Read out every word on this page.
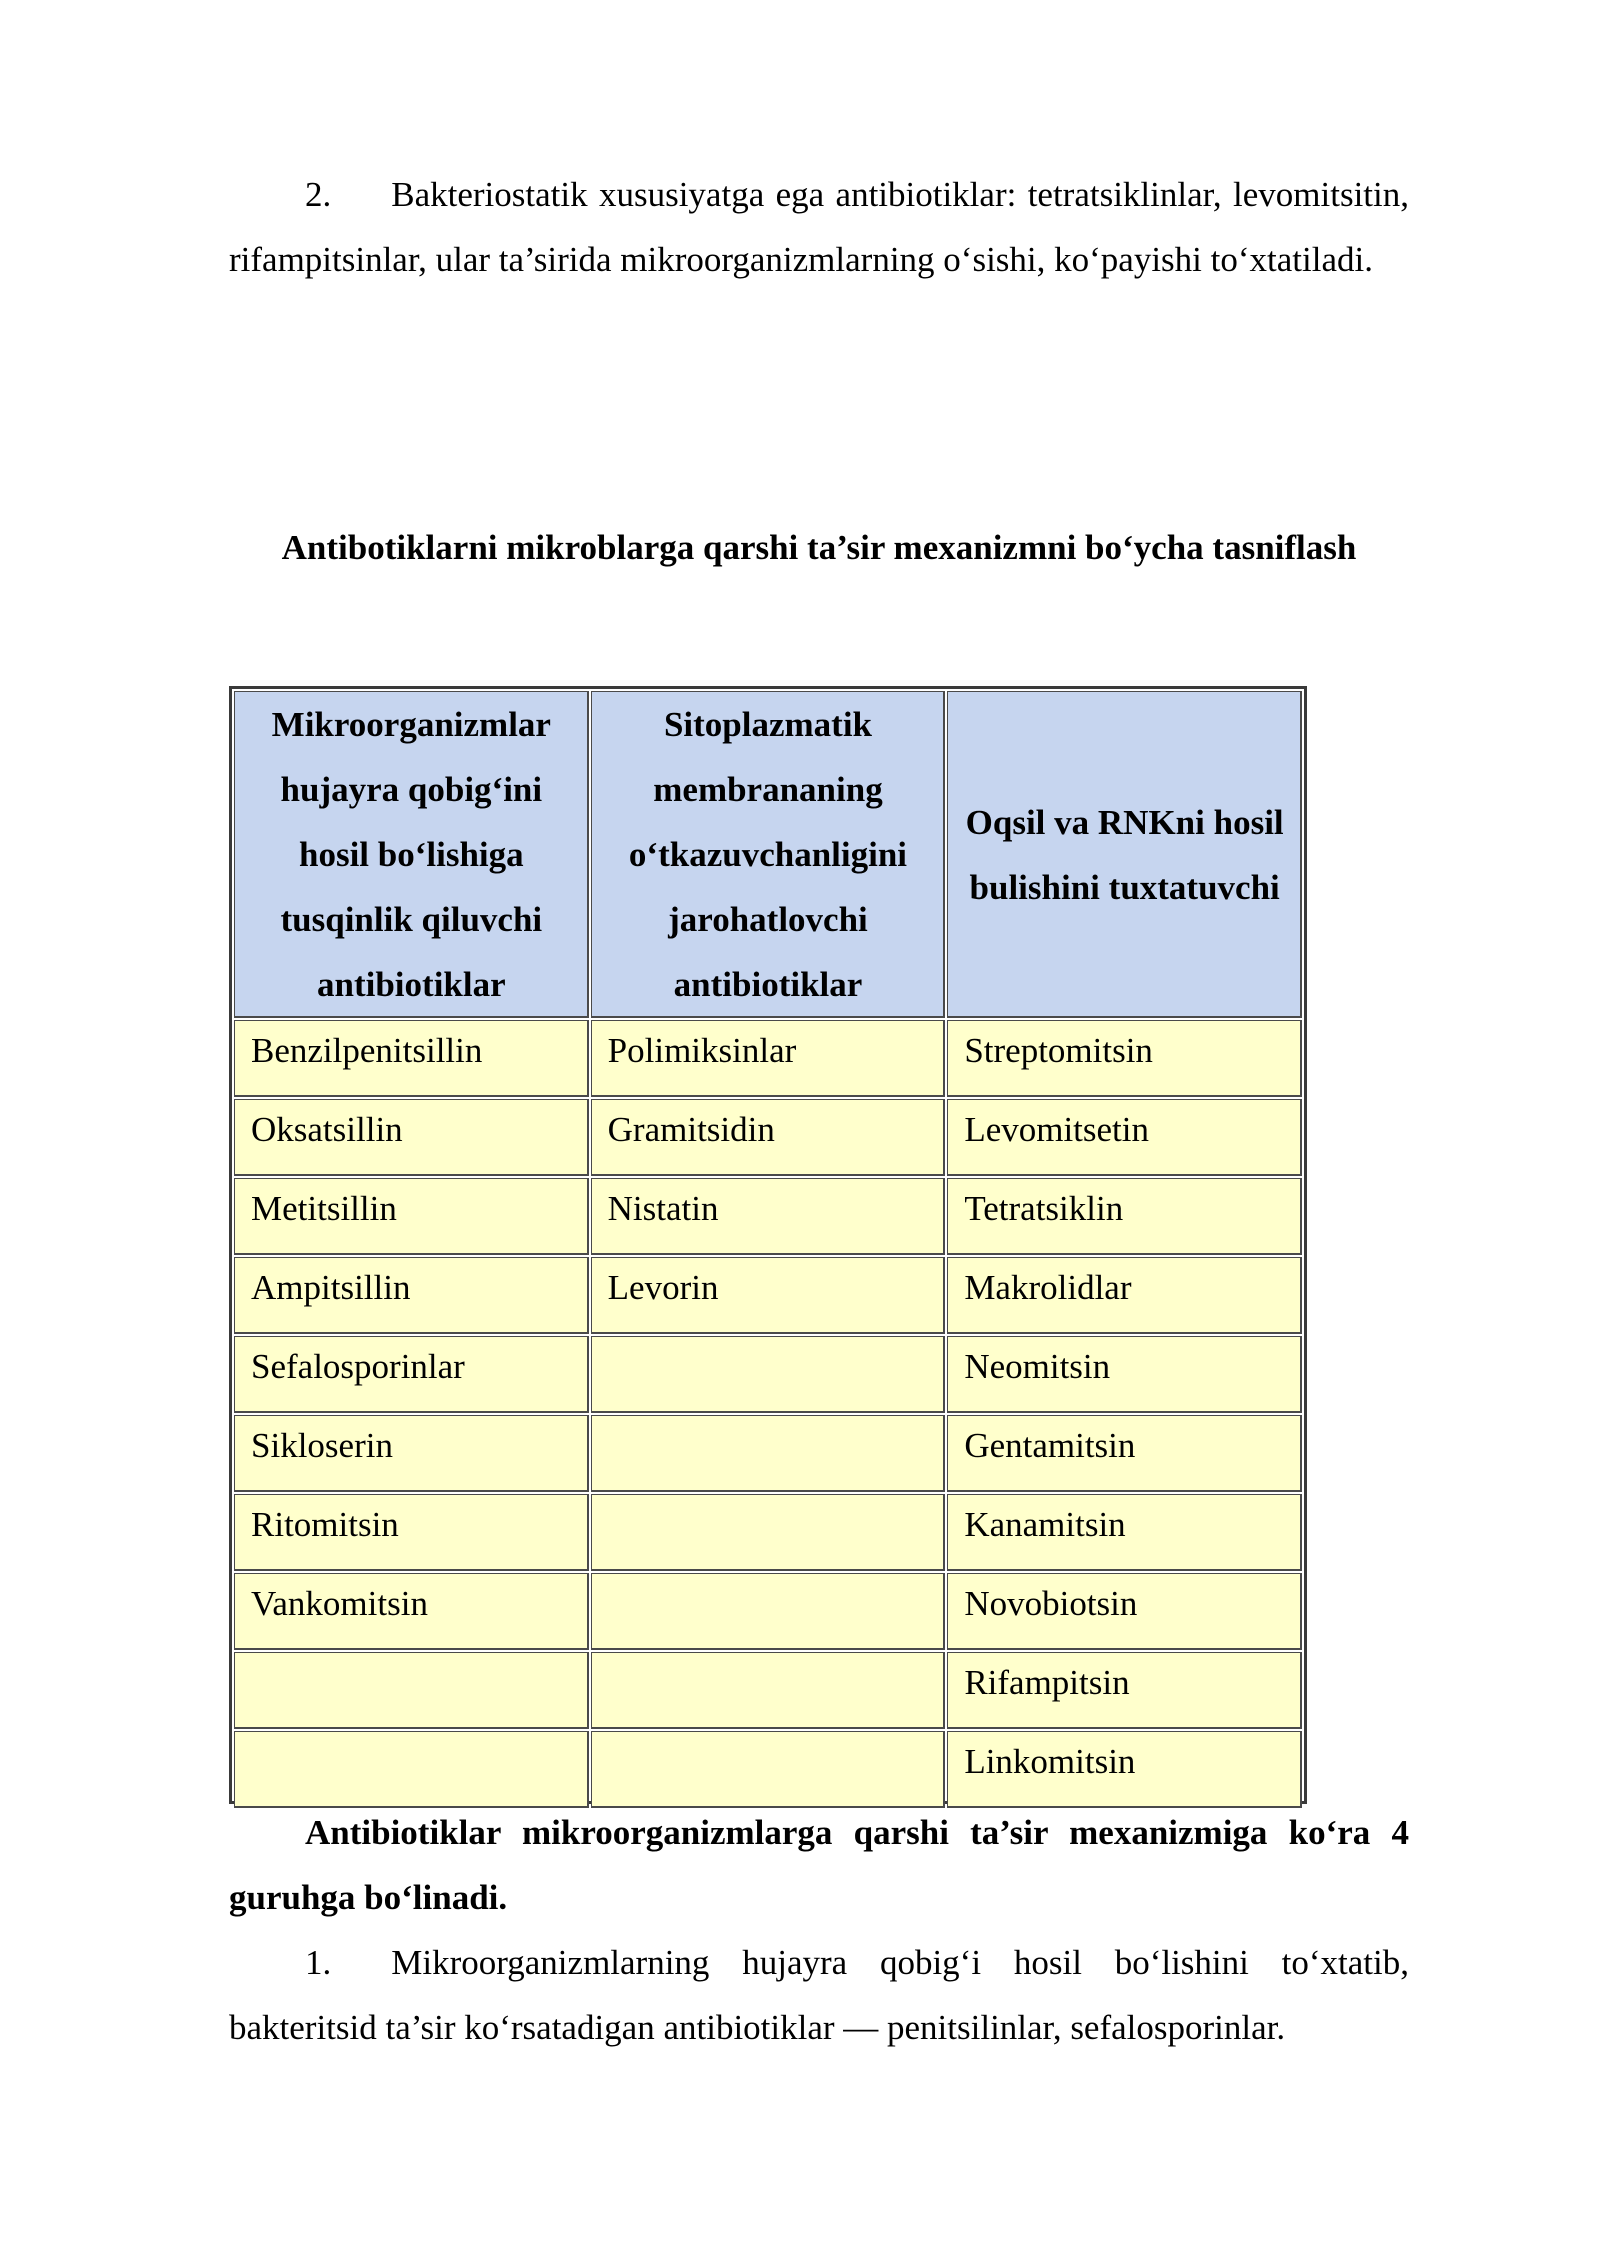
2. Bakteriostatik xususiyatga ega antibiotiklar: tetratsiklinlar, levomitsitin, rifampitsinlar, ular ta’sirida mikroorganizmlarning o‘sishi, ko‘payishi to‘xtatiladi.

Antibotiklarni mikroblarga qarshi ta’sir mexanizmni bo‘ycha tasniflash
Mikroorganizmlar hujayra qobig‘ini hosil bo‘lishiga tusqinlik qiluvchi antibiotiklar	Sitoplazmatik membrananing o‘tkazuvchanligini jarohatlovchi antibiotiklar	Oqsil va RNKni hosil bulishini tuxtatuvchi
Benzilpenitsillin	Polimiksinlar	Streptomitsin
Oksatsillin	Gramitsidin	Levomitsetin
Metitsillin	Nistatin	Tetratsiklin
Ampitsillin	Levorin	Makrolidlar
Sefalosporinlar		Neomitsin
Sikloserin		Gentamitsin
Ritomitsin		Kanamitsin
Vankomitsin		Novobiotsin
		Rifampitsin
		Linkomitsin

Antibiotiklar mikroorganizmlarga qarshi ta’sir mexanizmiga ko‘ra 4 guruhga bo‘linadi.

1. Mikroorganizmlarning hujayra qobig‘i hosil bo‘lishini to‘xtatib, bakteritsid ta’sir ko‘rsatadigan antibiotiklar — penitsilinlar, sefalosporinlar.
